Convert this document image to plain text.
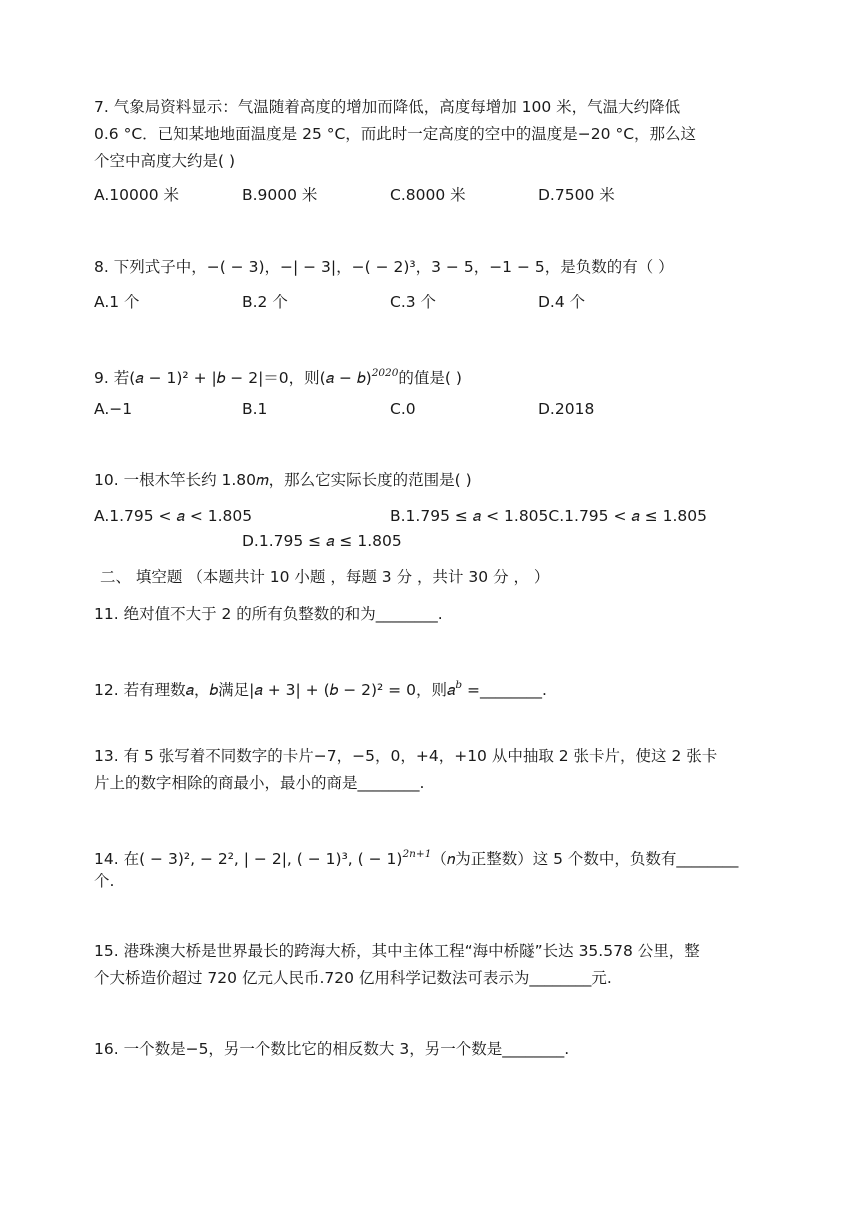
7. 气象局资料显示：气温随着高度的增加而降低，高度每增加 100 米，气温大约降低
0.6 °C．已知某地地面温度是 25 °C，而此时一定高度的空中的温度是−20 °C，那么这
个空中高度大约是( )
A.10000 米	B.9000 米	C.8000 米	D.7500 米
8. 下列式子中，−( − 3)，−| − 3|，−( − 2)³，3 − 5，−1 − 5，是负数的有（ ）
A.1 个	B.2 个	C.3 个	D.4 个
9. 若(𝑎 − 1)² + |𝑏 − 2|＝0，则(𝑎 − 𝑏)$^{2020}$的值是( )
A.−1	B.1	C.0	D.2018
10. 一根木竿长约 1.80𝑚，那么它实际长度的范围是( )
A.1.795 < 𝑎 < 1.805	B.1.795 ≤ 𝑎 < 1.805C.1.795 < 𝑎 ≤ 1.805
D.1.795 ≤ 𝑎 ≤ 1.805
二、 填空题 （本题共计 10 小题 ，每题 3 分 ，共计 30 分 ， ）
11. 绝对值不大于 2 的所有负整数的和为________.
12. 若有理数𝑎，𝑏满足|𝑎 + 3| + (𝑏 − 2)² = 0，则𝑎$^𝑏$ =________.
13. 有 5 张写着不同数字的卡片−7，−5，0，+4，+10 从中抽取 2 张卡片，使这 2 张卡
片上的数字相除的商最小，最小的商是________.
14. 在( − 3)², − 2², | − 2|, ( − 1)³, ( − 1)$^{2𝑛+1}$（𝑛为正整数）这 5 个数中，负数有________
个.
15. 港珠澳大桥是世界最长的跨海大桥，其中主体工程“海中桥隧”长达 35.578 公里，整
个大桥造价超过 720 亿元人民币.720 亿用科学记数法可表示为________元.
16. 一个数是−5，另一个数比它的相反数大 3，另一个数是________.
